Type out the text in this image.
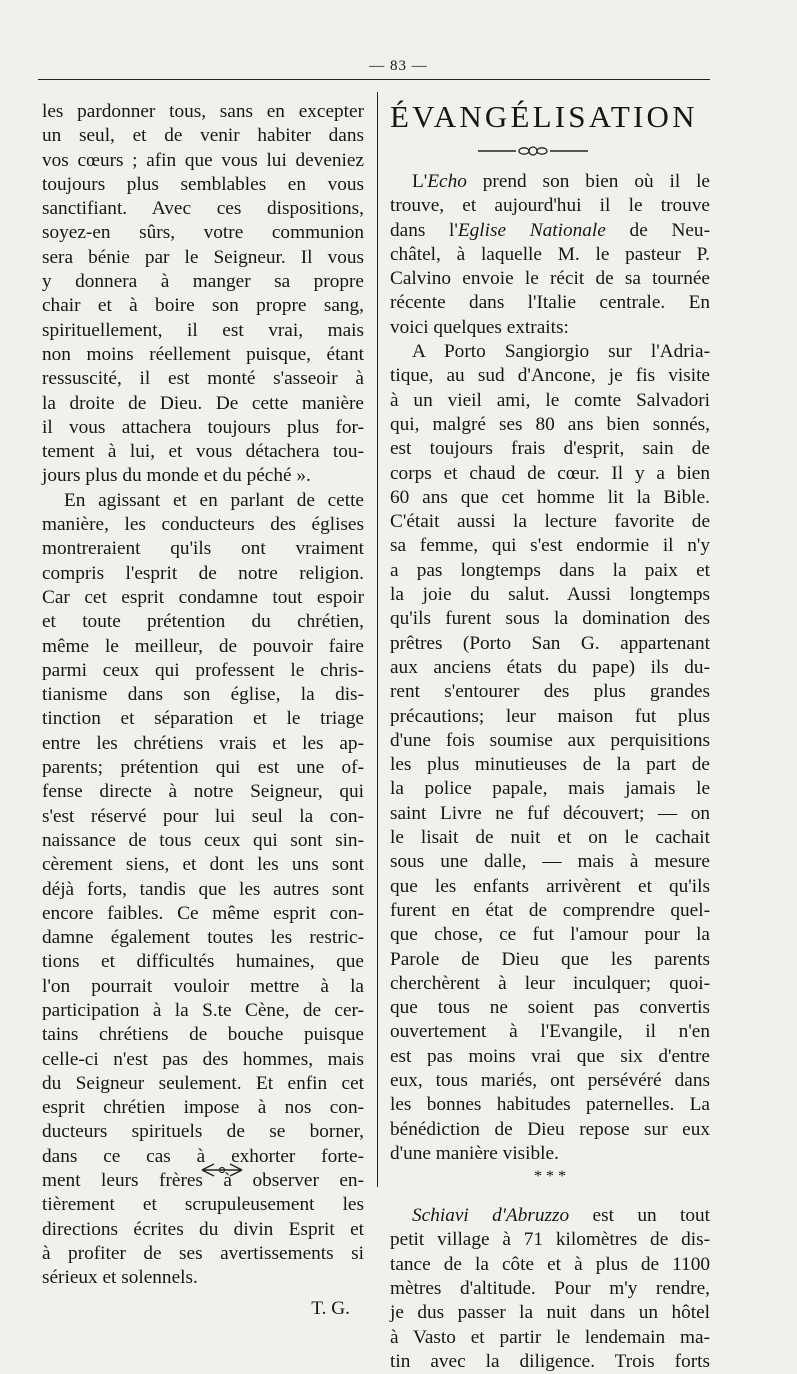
— 83 —
les pardonner tous, sans en excepter
un seul, et de venir habiter dans
vos cœurs ; afin que vous lui deveniez
toujours plus semblables en vous
sanctifiant. Avec ces dispositions,
soyez-en sûrs, votre communion
sera bénie par le Seigneur. Il vous
y donnera à manger sa propre
chair et à boire son propre sang,
spirituellement, il est vrai, mais
non moins réellement puisque, étant
ressuscité, il est monté s'asseoir à
la droite de Dieu. De cette manière
il vous attachera toujours plus for-
tement à lui, et vous détachera tou-
jours plus du monde et du péché ».
En agissant et en parlant de cette
manière, les conducteurs des églises
montreraient qu'ils ont vraiment
compris l'esprit de notre religion.
Car cet esprit condamne tout espoir
et toute prétention du chrétien,
même le meilleur, de pouvoir faire
parmi ceux qui professent le chris-
tianisme dans son église, la dis-
tinction et séparation et le triage
entre les chrétiens vrais et les ap-
parents; prétention qui est une of-
fense directe à notre Seigneur, qui
s'est réservé pour lui seul la con-
naissance de tous ceux qui sont sin-
cèrement siens, et dont les uns sont
déjà forts, tandis que les autres sont
encore faibles. Ce même esprit con-
damne également toutes les restric-
tions et difficultés humaines, que
l'on pourrait vouloir mettre à la
participation à la S.te Cène, de cer-
tains chrétiens de bouche puisque
celle-ci n'est pas des hommes, mais
du Seigneur seulement. Et enfin cet
esprit chrétien impose à nos con-
ducteurs spirituels de se borner,
dans ce cas à exhorter forte-
ment leurs frères à observer en-
tièrement et scrupuleusement les
directions écrites du divin Esprit et
à profiter de ses avertissements si
sérieux et solennels.
T. G.
ÉVANGÉLISATION
L'Echo prend son bien où il le
trouve, et aujourd'hui il le trouve
dans l'Eglise Nationale de Neu-
châtel, à laquelle M. le pasteur P.
Calvino envoie le récit de sa tournée
récente dans l'Italie centrale. En
voici quelques extraits:
A Porto Sangiorgio sur l'Adria-
tique, au sud d'Ancone, je fis visite
à un vieil ami, le comte Salvadori
qui, malgré ses 80 ans bien sonnés,
est toujours frais d'esprit, sain de
corps et chaud de cœur. Il y a bien
60 ans que cet homme lit la Bible.
C'était aussi la lecture favorite de
sa femme, qui s'est endormie il n'y
a pas longtemps dans la paix et
la joie du salut. Aussi longtemps
qu'ils furent sous la domination des
prêtres (Porto San G. appartenant
aux anciens états du pape) ils du-
rent s'entourer des plus grandes
précautions; leur maison fut plus
d'une fois soumise aux perquisitions
les plus minutieuses de la part de
la police papale, mais jamais le
saint Livre ne fuf découvert; — on
le lisait de nuit et on le cachait
sous une dalle, — mais à mesure
que les enfants arrivèrent et qu'ils
furent en état de comprendre quel-
que chose, ce fut l'amour pour la
Parole de Dieu que les parents
cherchèrent à leur inculquer; quoi-
que tous ne soient pas convertis
ouvertement à l'Evangile, il n'en
est pas moins vrai que six d'entre
eux, tous mariés, ont persévéré dans
les bonnes habitudes paternelles. La
bénédiction de Dieu repose sur eux
d'une manière visible.
* * *
Schiavi d'Abruzzo est un tout
petit village à 71 kilomètres de dis-
tance de la côte et à plus de 1100
mètres d'altitude. Pour m'y rendre,
je dus passer la nuit dans un hôtel
à Vasto et partir le lendemain ma-
tin avec la diligence. Trois forts
